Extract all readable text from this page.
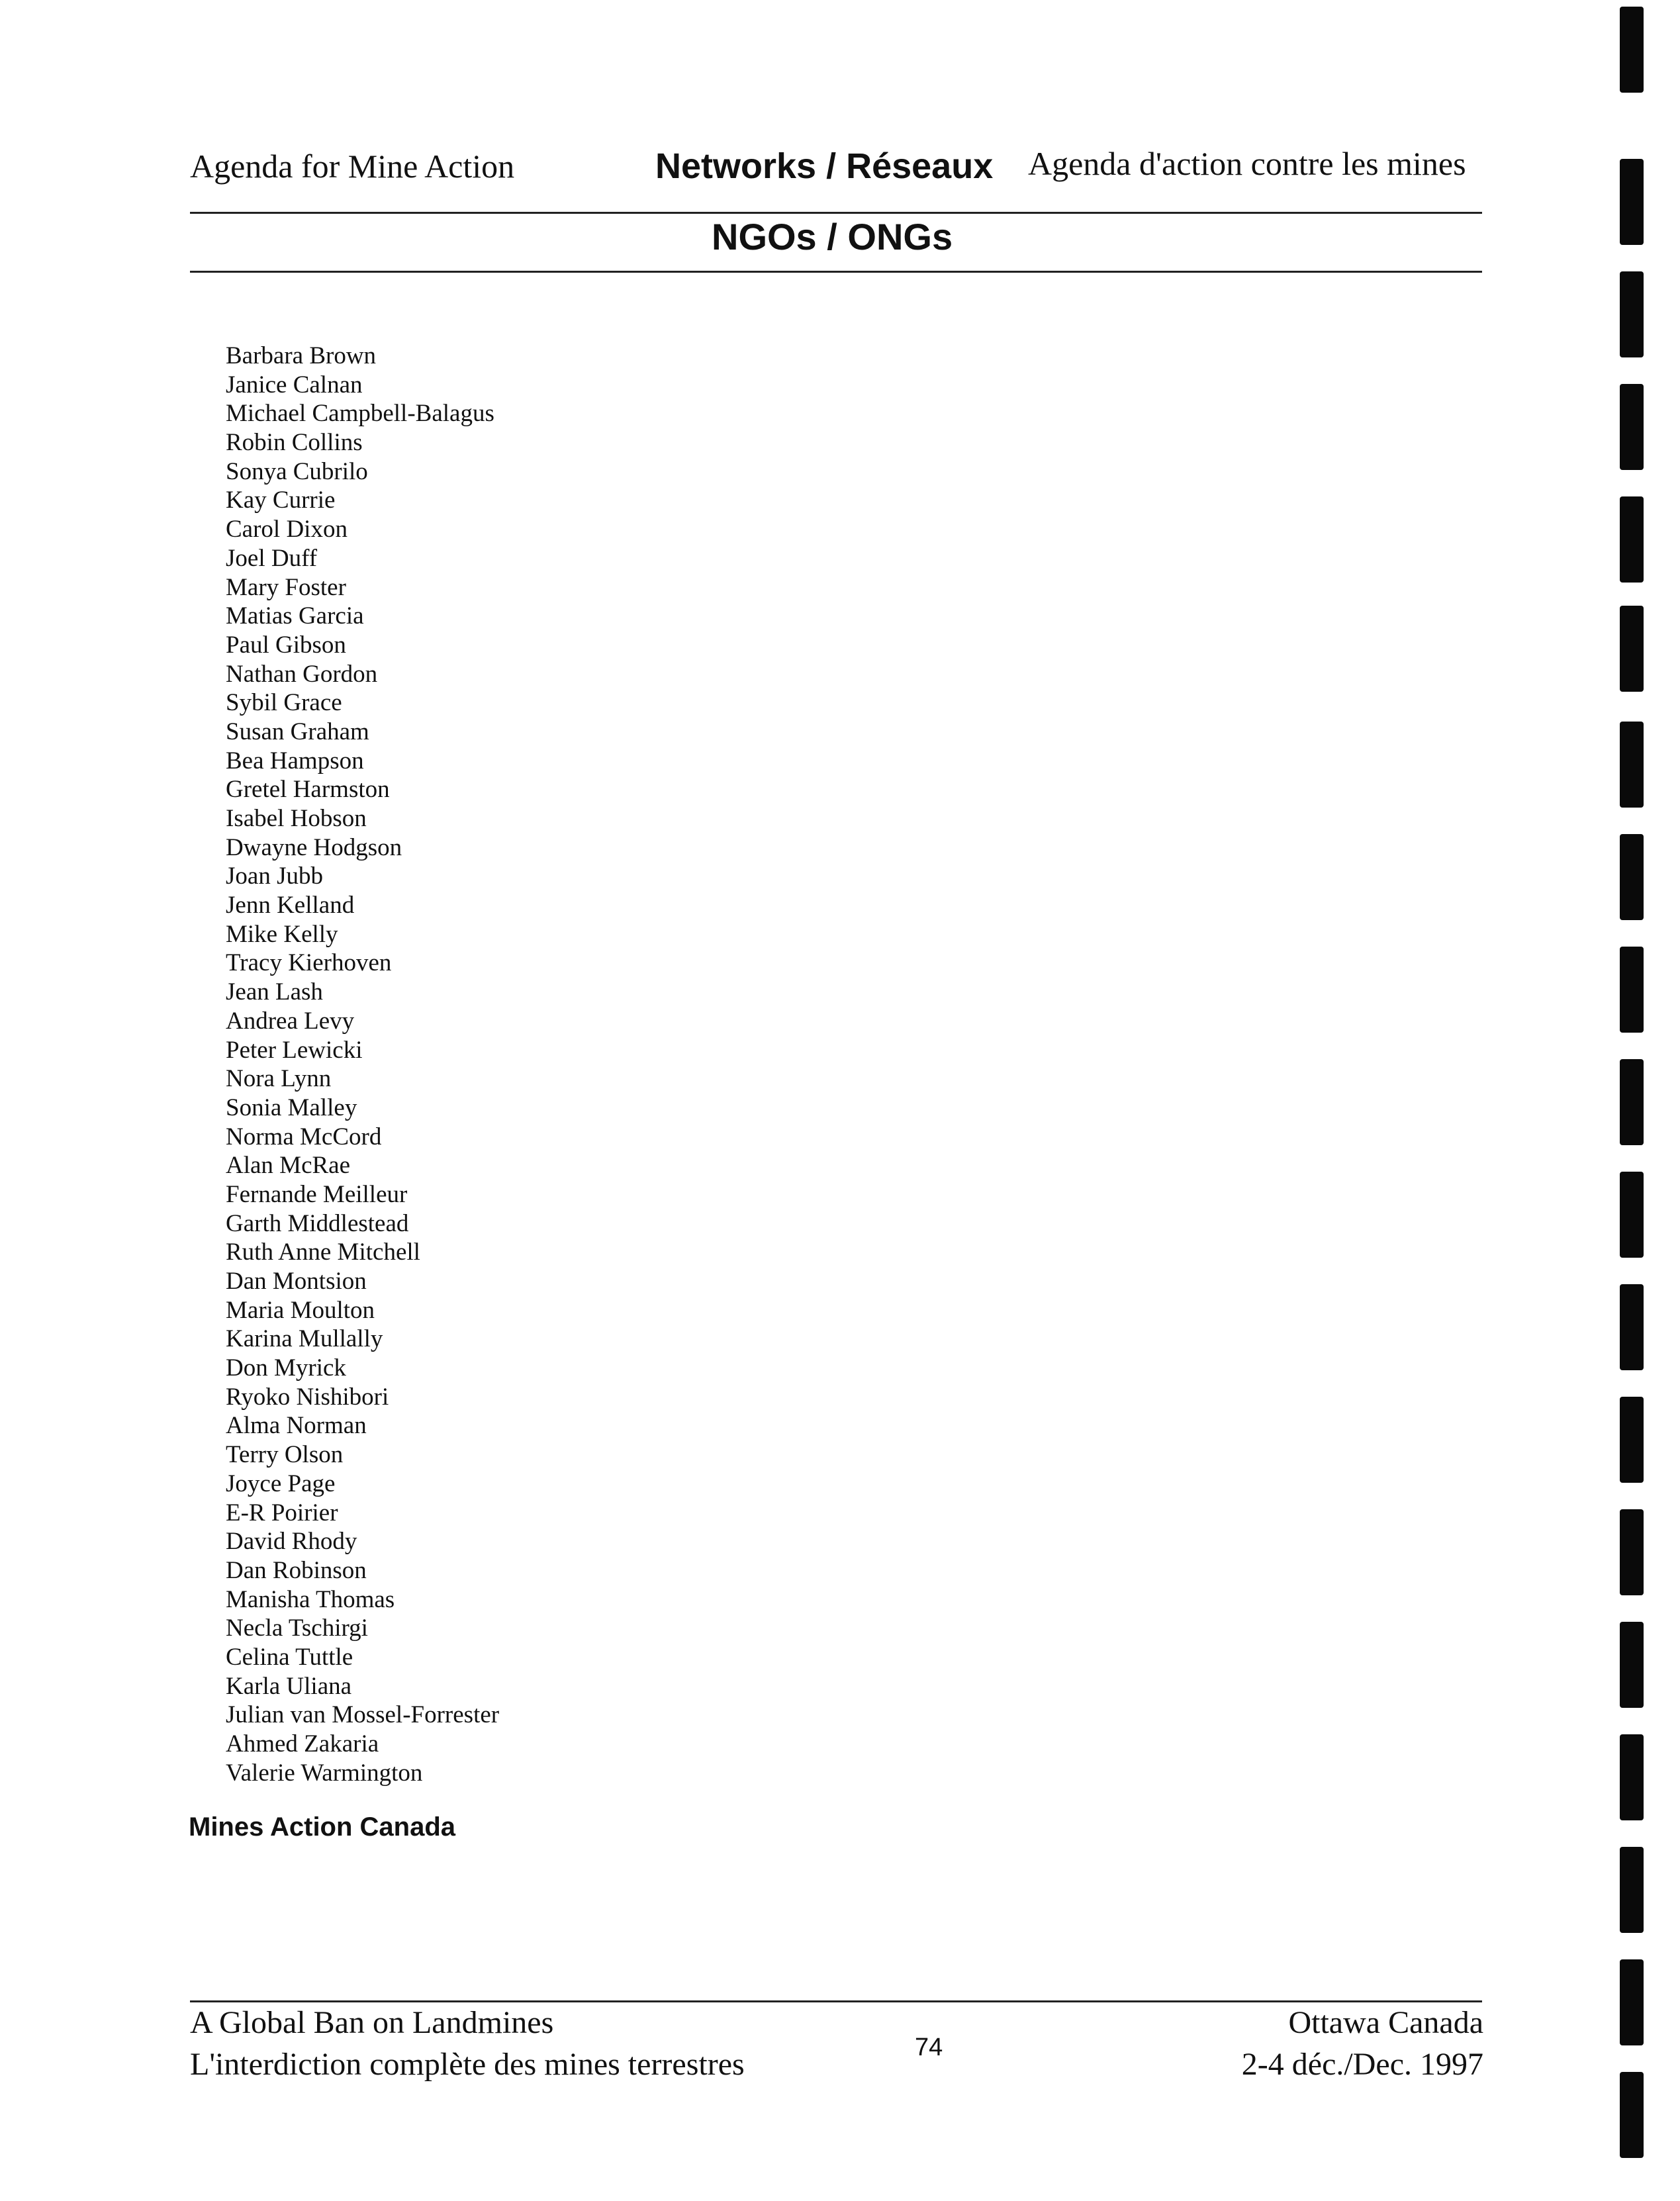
Agenda for Mine Action	Networks / Réseaux Agenda d'action contre les mines
NGOs / ONGs
Barbara Brown
Janice Calnan
Michael Campbell-Balagus
Robin Collins
Sonya Cubrilo
Kay Currie
Carol Dixon
Joel Duff
Mary Foster
Matias Garcia
Paul Gibson
Nathan Gordon
Sybil Grace
Susan Graham
Bea Hampson
Gretel Harmston
Isabel Hobson
Dwayne Hodgson
Joan Jubb
Jenn Kelland
Mike Kelly
Tracy Kierhoven
Jean Lash
Andrea Levy
Peter Lewicki
Nora Lynn
Sonia Malley
Norma McCord
Alan McRae
Fernande Meilleur
Garth Middlestead
Ruth Anne Mitchell
Dan Montsion
Maria Moulton
Karina Mullally
Don Myrick
Ryoko Nishibori
Alma Norman
Terry Olson
Joyce Page
E-R Poirier
David Rhody
Dan Robinson
Manisha Thomas
Necla Tschirgi
Celina Tuttle
Karla Uliana
Julian van Mossel-Forrester
Ahmed Zakaria
Valerie Warmington
Mines Action Canada
A Global Ban on Landmines
L'interdiction complète des mines terrestres	74
Ottawa Canada
2-4 déc./Dec. 1997
